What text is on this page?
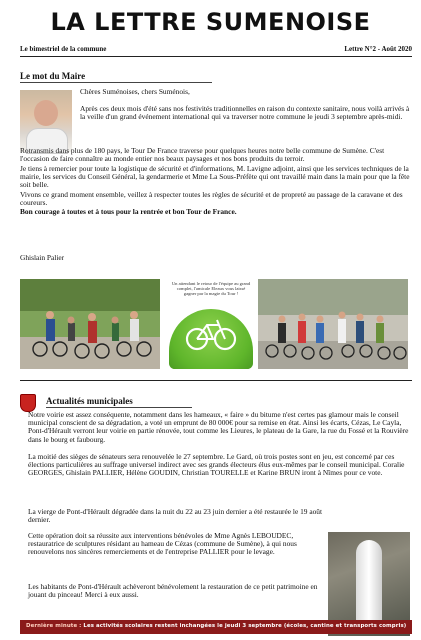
LA LETTRE SUMENOISE
Le bimestriel de la commune	Lettre N°2 - Août 2020
Le mot du Maire

Chères Suménoises, chers Suménois,

Après ces deux mois d'été sans nos festivités traditionnelles en raison du contexte sanitaire, nous voilà arrivés à la veille d'un grand événement international qui va traverser notre commune le jeudi 3 septembre après-midi.

Rotransmis dans plus de 180 pays, le Tour De France traverse pour quelques heures notre belle commune de Sumène. C'est l'occasion de faire connaître au monde entier nos beaux paysages et nos bons produits du terroir.

Je tiens à remercier pour toute la logistique de sécurité et d'informations, M. Lavigne adjoint, ainsi que les services techniques de la mairie, les services du Conseil Général, la gendarmerie et Mme La Sous-Préfète qui ont travaillé main dans la main pour que la fête soit belle.

Vivons ce grand moment ensemble, veillez à respecter toutes les règles de sécurité et de propreté au passage de la caravane et des coureurs.

Bon courage à toutes et à tous pour la rentrée et bon Tour de France.

Ghislain Palier

Un attendant le retour de l'équipe au grand complet, l'amicale Eleaux vous laissé gagner par la magie du Tour !
Actualités municipales

Notre voirie est assez conséquente, notamment dans les hameaux, « faire » du bitume n'est certes pas glamour mais le conseil municipal conscient de sa dégradation, a voté un emprunt de 80 000€ pour sa remise en état. Ainsi les écarts, Cézas, Le Cayla, Pont-d'Hérault verront leur voirie en partie rénovée, tout comme les Lieures, le plateau de la Gare, la rue du Fossé et la Rouvière dans le bourg et faubourg.

La moitié des sièges de sénateurs sera renouvelée le 27 septembre. Le Gard, où trois postes sont en jeu, est concerné par ces élections particulières au suffrage universel indirect avec ses grands électeurs élus eux-mêmes par le conseil municipal. Coralie GEORGES, Ghislain PALLIER, Hélène GOUDIN, Christian TOURELLE et Karine BRUN iront à Nîmes pour ce vote.

La vierge de Pont-d'Hérault dégradée dans la nuit du 22 au 23 juin dernier a été restaurée le 19 août dernier.

Cette opération doit sa réussite aux interventions bénévoles de Mme Agnès LEBOUDEC, restauratrice de sculptures résidant au hameau de Cézas (commune de Sumène), à qui nous renouvelons nos sincères remerciements et de l'entreprise PALLIER pour le levage.

Les habitants de Pont-d'Hérault achèveront bénévolement la restauration de ce petit patrimoine en jouant du pinceau! Merci à eux aussi.

Dernière minute : Les activités scolaires restent inchangées le jeudi 3 septembre (écoles, cantine et transports compris)
